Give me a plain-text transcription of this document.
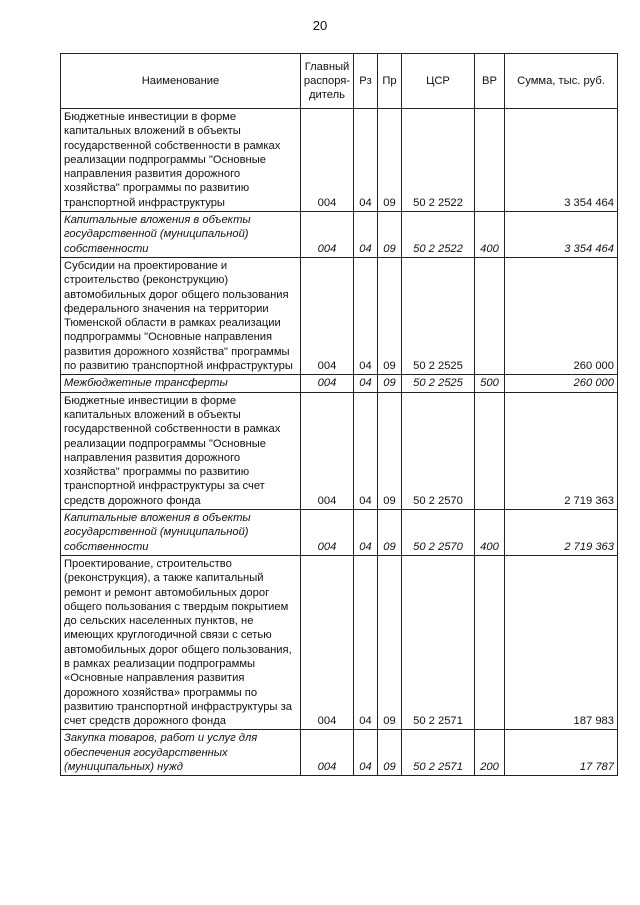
20
Наименование	Главный распоря-дитель	Рз	Пр	ЦСР	ВР	Сумма, тыс. руб.
Бюджетные инвестиции в форме капитальных вложений в объекты государственной собственности в рамках реализации подпрограммы "Основные направления развития дорожного хозяйства" программы по развитию транспортной инфраструктуры	004	04	09	50 2 2522		3 354 464
Капитальные вложения в объекты государственной (муниципальной) собственности	004	04	09	50 2 2522	400	3 354 464
Субсидии на проектирование и строительство (реконструкцию) автомобильных дорог общего пользования федерального значения на территории Тюменской области в рамках реализации подпрограммы "Основные направления развития дорожного хозяйства" программы по развитию транспортной инфраструктуры	004	04	09	50 2 2525		260 000
Межбюджетные трансферты	004	04	09	50 2 2525	500	260 000
Бюджетные инвестиции в форме капитальных вложений в объекты государственной собственности в рамках реализации подпрограммы "Основные направления развития дорожного хозяйства" программы по развитию транспортной инфраструктуры за счет средств дорожного фонда	004	04	09	50 2 2570		2 719 363
Капитальные вложения в объекты государственной (муниципальной) собственности	004	04	09	50 2 2570	400	2 719 363
Проектирование, строительство (реконструкция), а также капитальный ремонт и ремонт автомобильных дорог общего пользования с твердым покрытием до сельских населенных пунктов, не имеющих круглогодичной связи с сетью автомобильных дорог общего пользования, в рамках реализации подпрограммы «Основные направления развития дорожного хозяйства» программы по развитию транспортной инфраструктуры за счет средств дорожного фонда	004	04	09	50 2 2571		187 983
Закупка товаров, работ и услуг для обеспечения государственных (муниципальных) нужд	004	04	09	50 2 2571	200	17 787
